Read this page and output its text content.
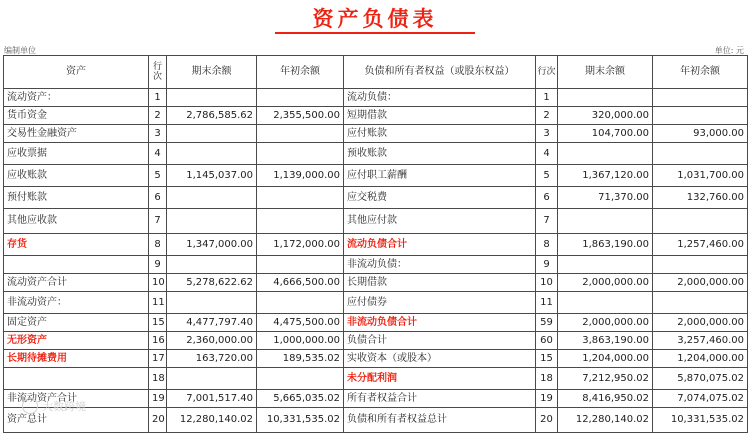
资产负债表
编制单位	单位: 元
资产	行次	期末余额	年初余额	负债和所有者权益（或股东权益）	行次	期末余额	年初余额
流动资产：	1			流动负债：	1		
货币资金	2	2,786,585.62	2,355,500.00	短期借款	2	320,000.00	
交易性金融资产	3			应付账款	3	104,700.00	93,000.00
应收票据	4			预收账款	4		
应收账款	5	1,145,037.00	1,139,000.00	应付职工薪酬	5	1,367,120.00	1,031,700.00
预付账款	6			应交税费	6	71,370.00	132,760.00
其他应收款	7			其他应付款	7		
存货	8	1,347,000.00	1,172,000.00	流动负债合计	8	1,863,190.00	1,257,460.00
	9			非流动负债：	9		
流动资产合计	10	5,278,622.62	4,666,500.00	长期借款	10	2,000,000.00	2,000,000.00
非流动资产：	11			应付债券	11		
固定资产	15	4,477,797.40	4,475,500.00	非流动负债合计	59	2,000,000.00	2,000,000.00
无形资产	16	2,360,000.00	1,000,000.00	负债合计	60	3,863,190.00	3,257,460.00
长期待摊费用	17	163,720.00	189,535.02	实收资本（或股本）	15	1,204,000.00	1,204,000.00
	18			未分配利润	18	7,212,950.02	5,870,075.02
非流动资产合计	19	7,001,517.40	5,665,035.02	所有者权益合计	19	8,416,950.02	7,074,075.02
资产总计	20	12,280,140.02	10,331,535.02	负债和所有者权益总计	20	12,280,140.02	10,331,535.02
大数跨境
